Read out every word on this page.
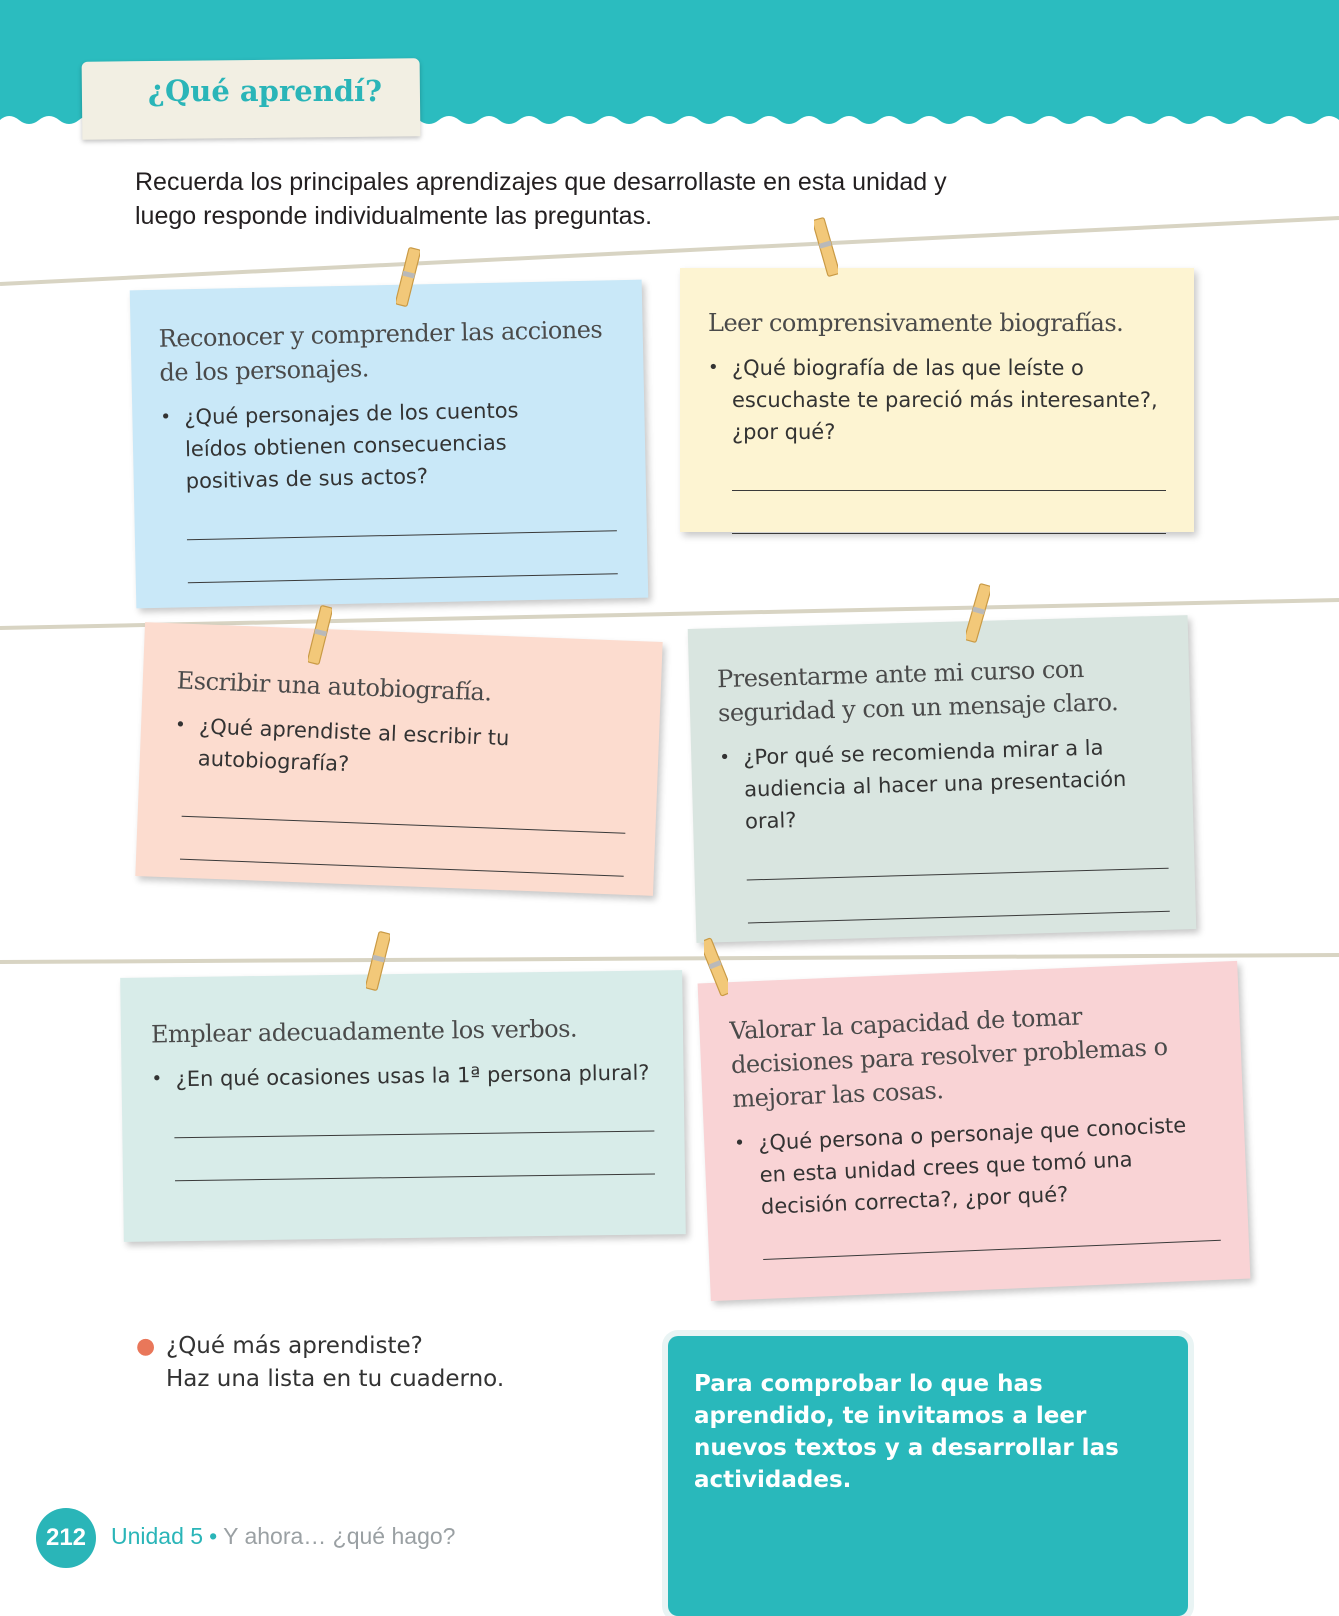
¿Qué aprendí?
Recuerda los principales aprendizajes que desarrollaste en esta unidad y luego responde individualmente las preguntas.
Reconocer y comprender las acciones de los personajes.
• ¿Qué personajes de los cuentos leídos obtienen consecuencias positivas de sus actos?
Leer comprensivamente biografías.
• ¿Qué biografía de las que leíste o escuchaste te pareció más interesante?, ¿por qué?
Escribir una autobiografía.
• ¿Qué aprendiste al escribir tu autobiografía?
Presentarme ante mi curso con seguridad y con un mensaje claro.
• ¿Por qué se recomienda mirar a la audiencia al hacer una presentación oral?
Emplear adecuadamente los verbos.
• ¿En qué ocasiones usas la 1ª persona plural?
Valorar la capacidad de tomar decisiones para resolver problemas o mejorar las cosas.
• ¿Qué persona o personaje que conociste en esta unidad crees que tomó una decisión correcta?, ¿por qué?
● ¿Qué más aprendiste?
Haz una lista en tu cuaderno.	Para comprobar lo que has aprendido, te invitamos a leer nuevos textos y a desarrollar las actividades.
212	Unidad 5 • Y ahora… ¿qué hago?
